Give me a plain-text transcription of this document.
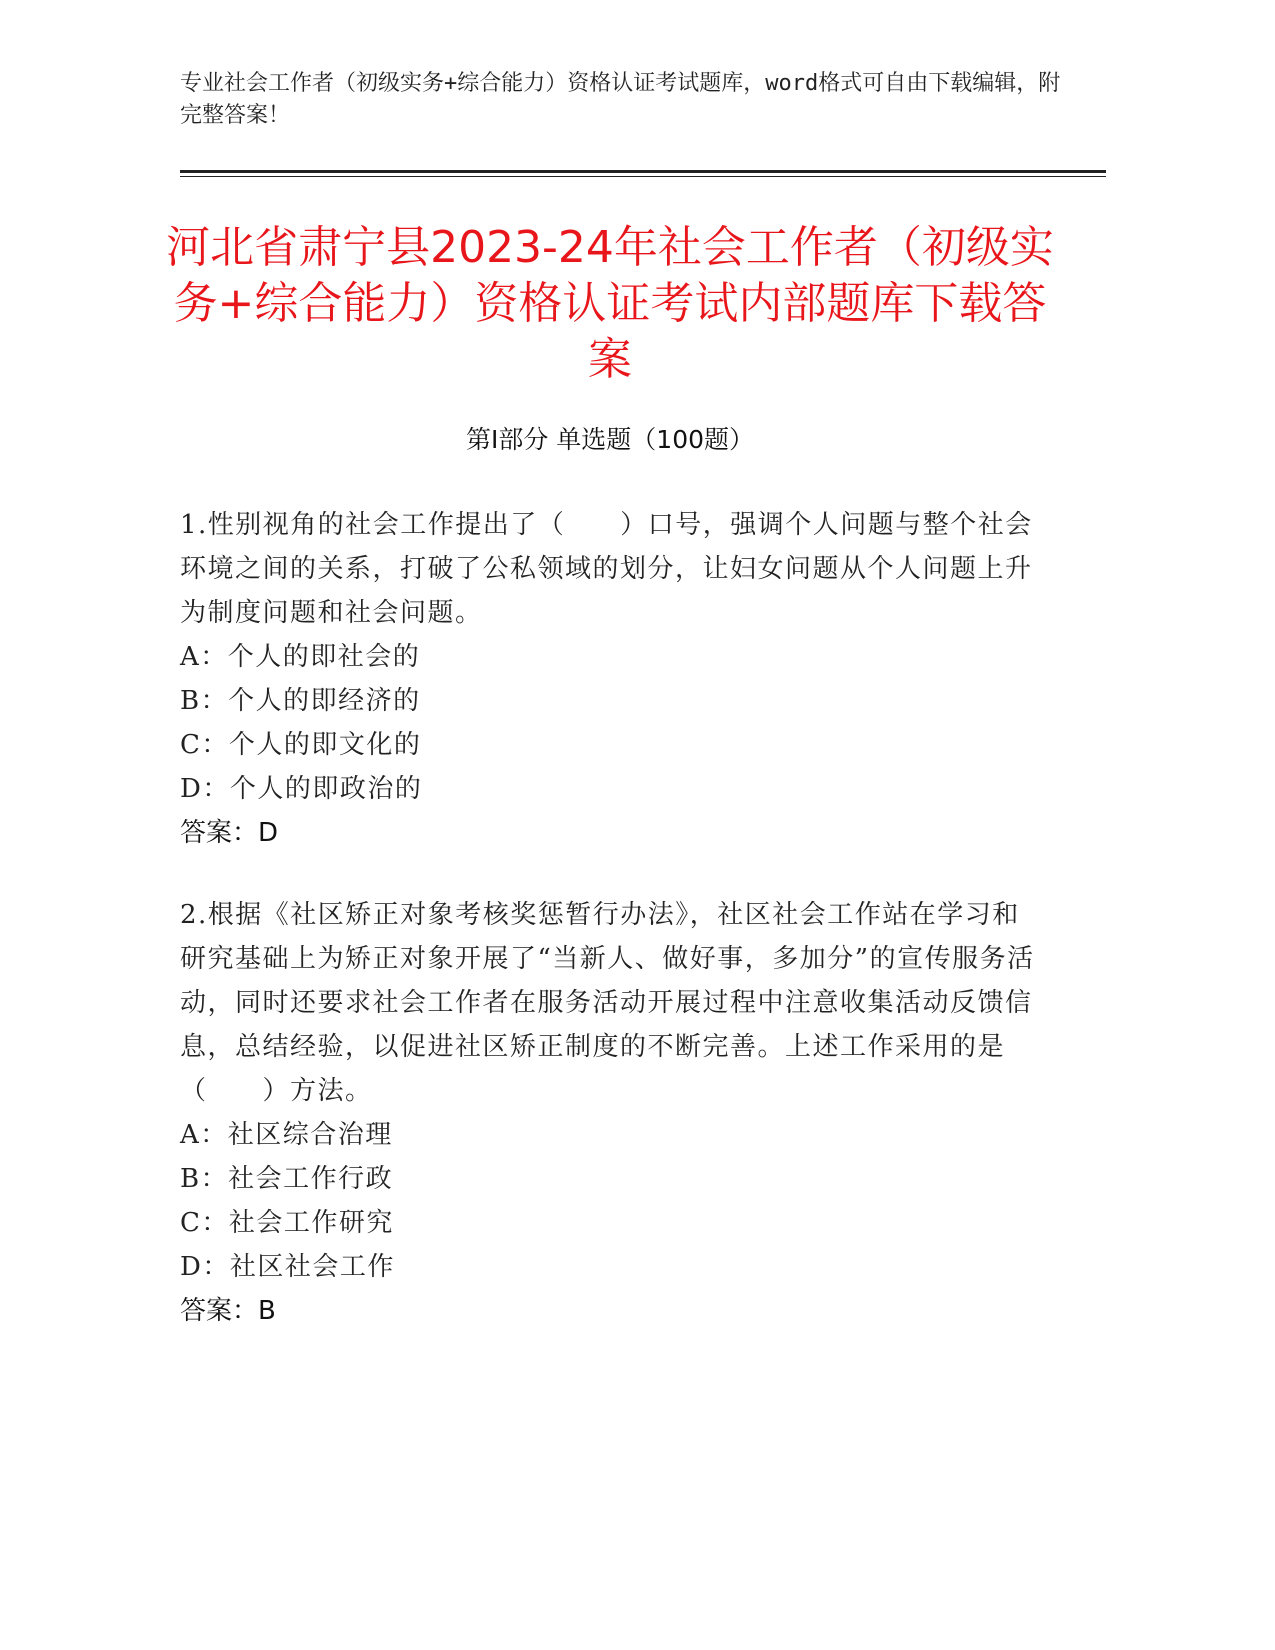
专业社会工作者（初级实务+综合能力）资格认证考试题库，word格式可自由下载编辑，附完整答案！
河北省肃宁县2023-24年社会工作者（初级实务+综合能力）资格认证考试内部题库下载答案
第I部分 单选题（100题）
1.性别视角的社会工作提出了（　　）口号，强调个人问题与整个社会环境之间的关系，打破了公私领域的划分，让妇女问题从个人问题上升为制度问题和社会问题。
A：个人的即社会的
B：个人的即经济的
C：个人的即文化的
D：个人的即政治的
答案：D
2.根据《社区矫正对象考核奖惩暂行办法》，社区社会工作站在学习和研究基础上为矫正对象开展了“当新人、做好事，多加分”的宣传服务活动，同时还要求社会工作者在服务活动开展过程中注意收集活动反馈信息，总结经验，以促进社区矫正制度的不断完善。上述工作采用的是（　　）方法。
A：社区综合治理
B：社会工作行政
C：社会工作研究
D：社区社会工作
答案：B
